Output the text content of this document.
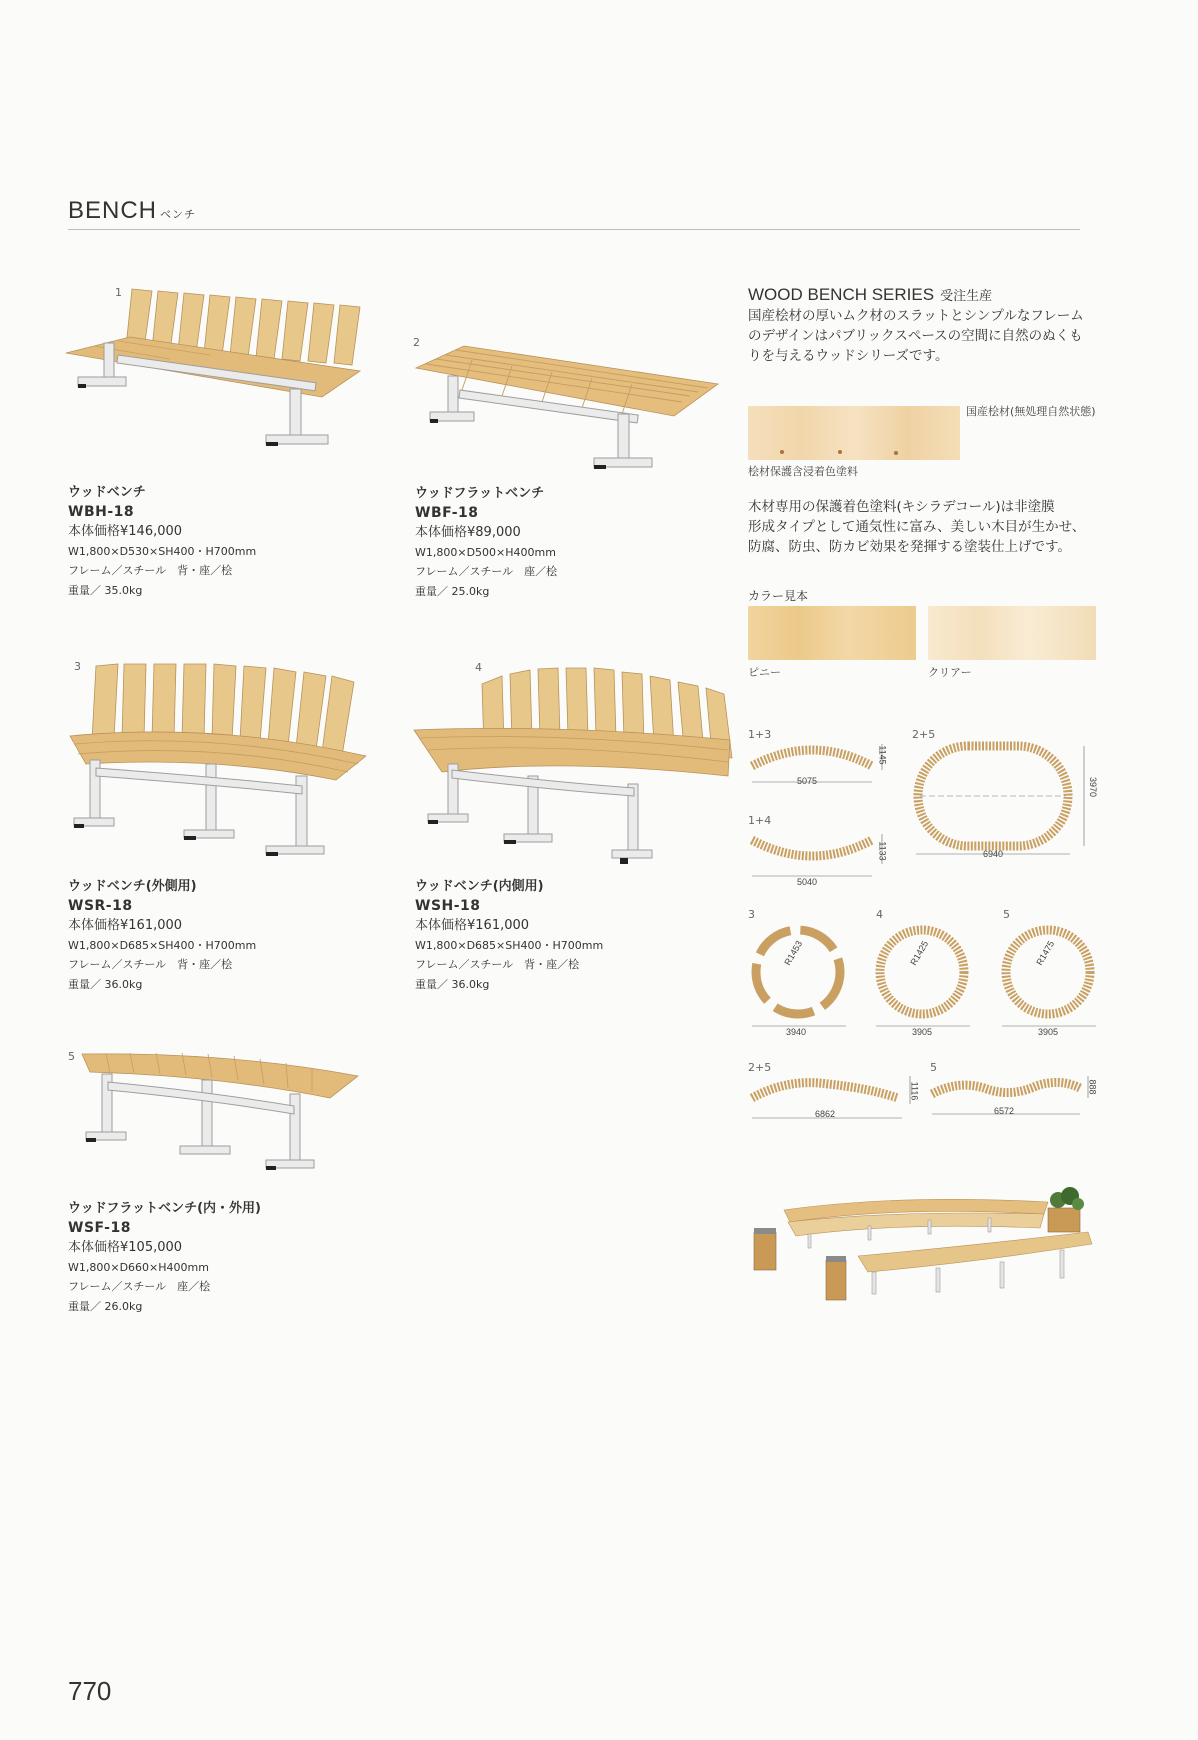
BENCH ベンチ
1
ウッドベンチ
WBH-18
本体価格¥146,000
W1,800×D530×SH400・H700mm
フレーム／スチール　背・座／桧
重量／ 35.0kg
2
ウッドフラットベンチ
WBF-18
本体価格¥89,000
W1,800×D500×H400mm
フレーム／スチール　座／桧
重量／ 25.0kg
3
ウッドベンチ(外側用)
WSR-18
本体価格¥161,000
W1,800×D685×SH400・H700mm
フレーム／スチール　背・座／桧
重量／ 36.0kg
4
ウッドベンチ(内側用)
WSH-18
本体価格¥161,000
W1,800×D685×SH400・H700mm
フレーム／スチール　背・座／桧
重量／ 36.0kg
5
ウッドフラットベンチ(内・外用)
WSF-18
本体価格¥105,000
W1,800×D660×H400mm
フレーム／スチール　座／桧
重量／ 26.0kg
WOOD BENCH SERIES 受注生産
国産桧材の厚いムク材のスラットとシンプルなフレーム
のデザインはパブリックスペースの空間に自然のぬくも
りを与えるウッドシリーズです。
国産桧材(無処理自然状態)
桧材保護含浸着色塗料
木材専用の保護着色塗料(キシラデコール)は非塗膜
形成タイプとして通気性に富み、美しい木目が生かせ、
防腐、防虫、防カビ効果を発揮する塗装仕上げです。
カラー見本
ピニー	クリアー
1+3
5075
1145
2+5
6940
3970
1+4
5040
1133
3
3940
R1453
4
3905
R1425
5
3905
R1475
2+5
6862
1116
5
6572
888
770
